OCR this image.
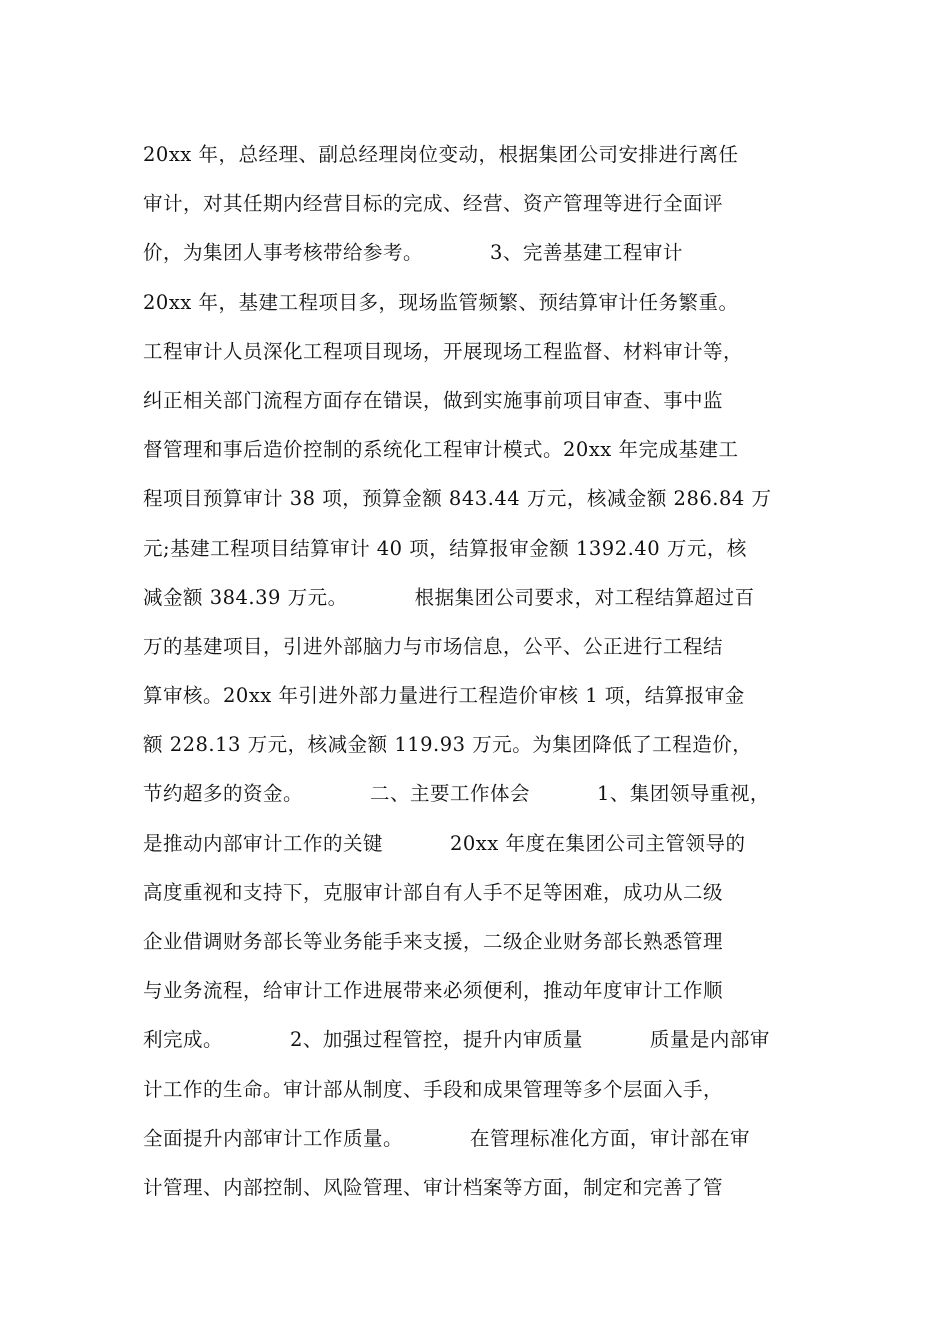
20xx 年，总经理、副总经理岗位变动，根据集团公司安排进行离任
审计，对其任期内经营目标的完成、经营、资产管理等进行全面评
价，为集团人事考核带给参考。          3、完善基建工程审计
20xx 年，基建工程项目多，现场监管频繁、预结算审计任务繁重。
工程审计人员深化工程项目现场，开展现场工程监督、材料审计等，
纠正相关部门流程方面存在错误，做到实施事前项目审查、事中监
督管理和事后造价控制的系统化工程审计模式。20xx 年完成基建工
程项目预算审计 38 项，预算金额 843.44 万元，核减金额 286.84 万
元;基建工程项目结算审计 40 项，结算报审金额 1392.40 万元，核
减金额 384.39 万元。          根据集团公司要求，对工程结算超过百
万的基建项目，引进外部脑力与市场信息，公平、公正进行工程结
算审核。20xx 年引进外部力量进行工程造价审核 1 项，结算报审金
额 228.13 万元，核减金额 119.93 万元。为集团降低了工程造价，
节约超多的资金。          二、主要工作体会          1、集团领导重视，
是推动内部审计工作的关键          20xx 年度在集团公司主管领导的
高度重视和支持下，克服审计部自有人手不足等困难，成功从二级
企业借调财务部长等业务能手来支援，二级企业财务部长熟悉管理
与业务流程，给审计工作进展带来必须便利，推动年度审计工作顺
利完成。          2、加强过程管控，提升内审质量          质量是内部审
计工作的生命。审计部从制度、手段和成果管理等多个层面入手，
全面提升内部审计工作质量。          在管理标准化方面，审计部在审
计管理、内部控制、风险管理、审计档案等方面，制定和完善了管
